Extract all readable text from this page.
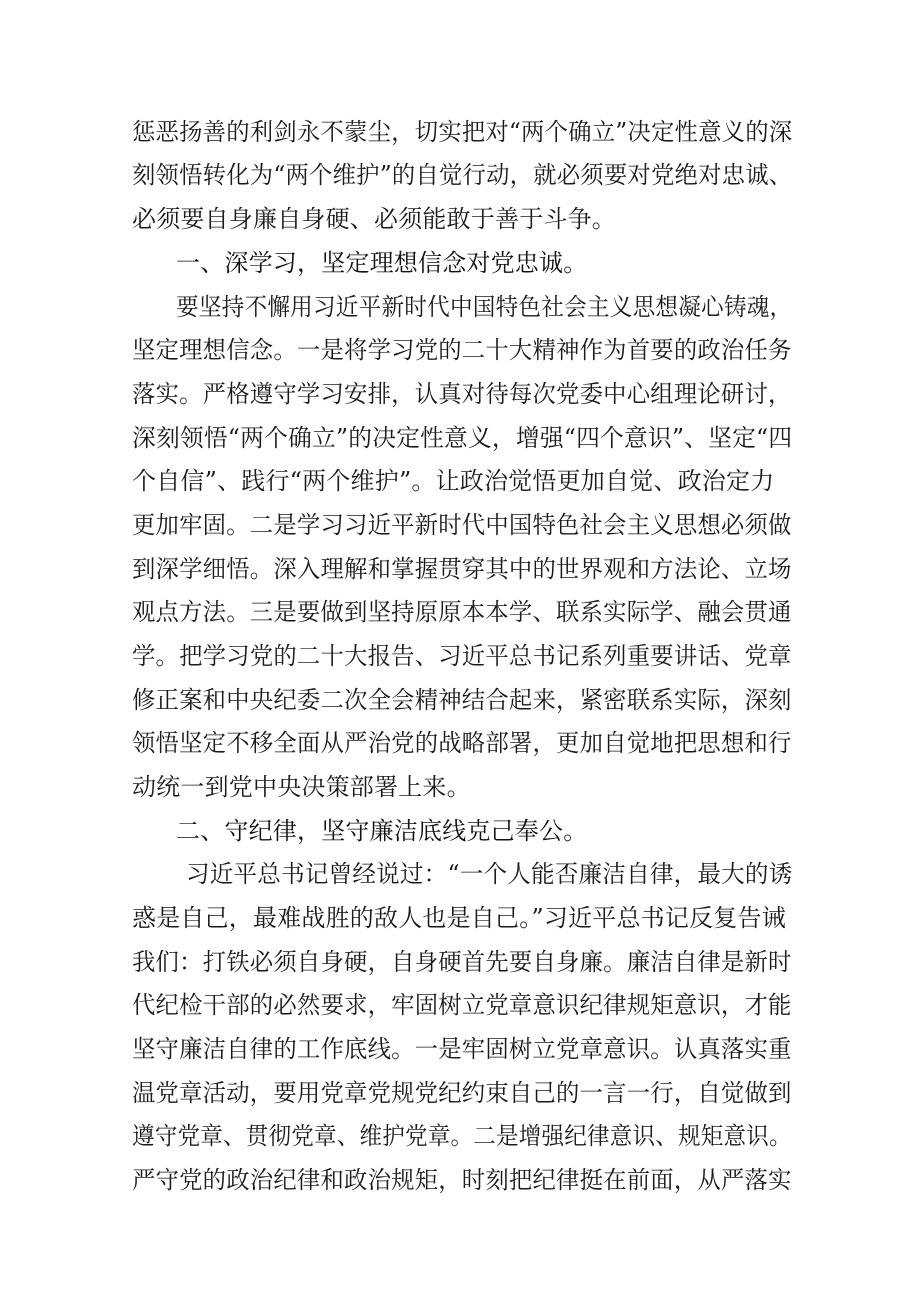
惩恶扬善的利剑永不蒙尘，切实把对“两个确立”决定性意义的深
刻领悟转化为“两个维护”的自觉行动，就必须要对党绝对忠诚、
必须要自身廉自身硬、必须能敢于善于斗争。
一、深学习，坚定理想信念对党忠诚。
要坚持不懈用习近平新时代中国特色社会主义思想凝心铸魂，
坚定理想信念。一是将学习党的二十大精神作为首要的政治任务
落实。严格遵守学习安排，认真对待每次党委中心组理论研讨，
深刻领悟“两个确立”的决定性意义，增强“四个意识”、坚定“四
个自信”、践行“两个维护”。让政治觉悟更加自觉、政治定力
更加牢固。二是学习习近平新时代中国特色社会主义思想必须做
到深学细悟。深入理解和掌握贯穿其中的世界观和方法论、立场
观点方法。三是要做到坚持原原本本学、联系实际学、融会贯通
学。把学习党的二十大报告、习近平总书记系列重要讲话、党章
修正案和中央纪委二次全会精神结合起来，紧密联系实际，深刻
领悟坚定不移全面从严治党的战略部署，更加自觉地把思想和行
动统一到党中央决策部署上来。
二、守纪律，坚守廉洁底线克己奉公。
习近平总书记曾经说过：“一个人能否廉洁自律，最大的诱
惑是自己，最难战胜的敌人也是自己。”习近平总书记反复告诫
我们：打铁必须自身硬，自身硬首先要自身廉。廉洁自律是新时
代纪检干部的必然要求，牢固树立党章意识纪律规矩意识，才能
坚守廉洁自律的工作底线。一是牢固树立党章意识。认真落实重
温党章活动，要用党章党规党纪约束自己的一言一行，自觉做到
遵守党章、贯彻党章、维护党章。二是增强纪律意识、规矩意识。
严守党的政治纪律和政治规矩，时刻把纪律挺在前面，从严落实
